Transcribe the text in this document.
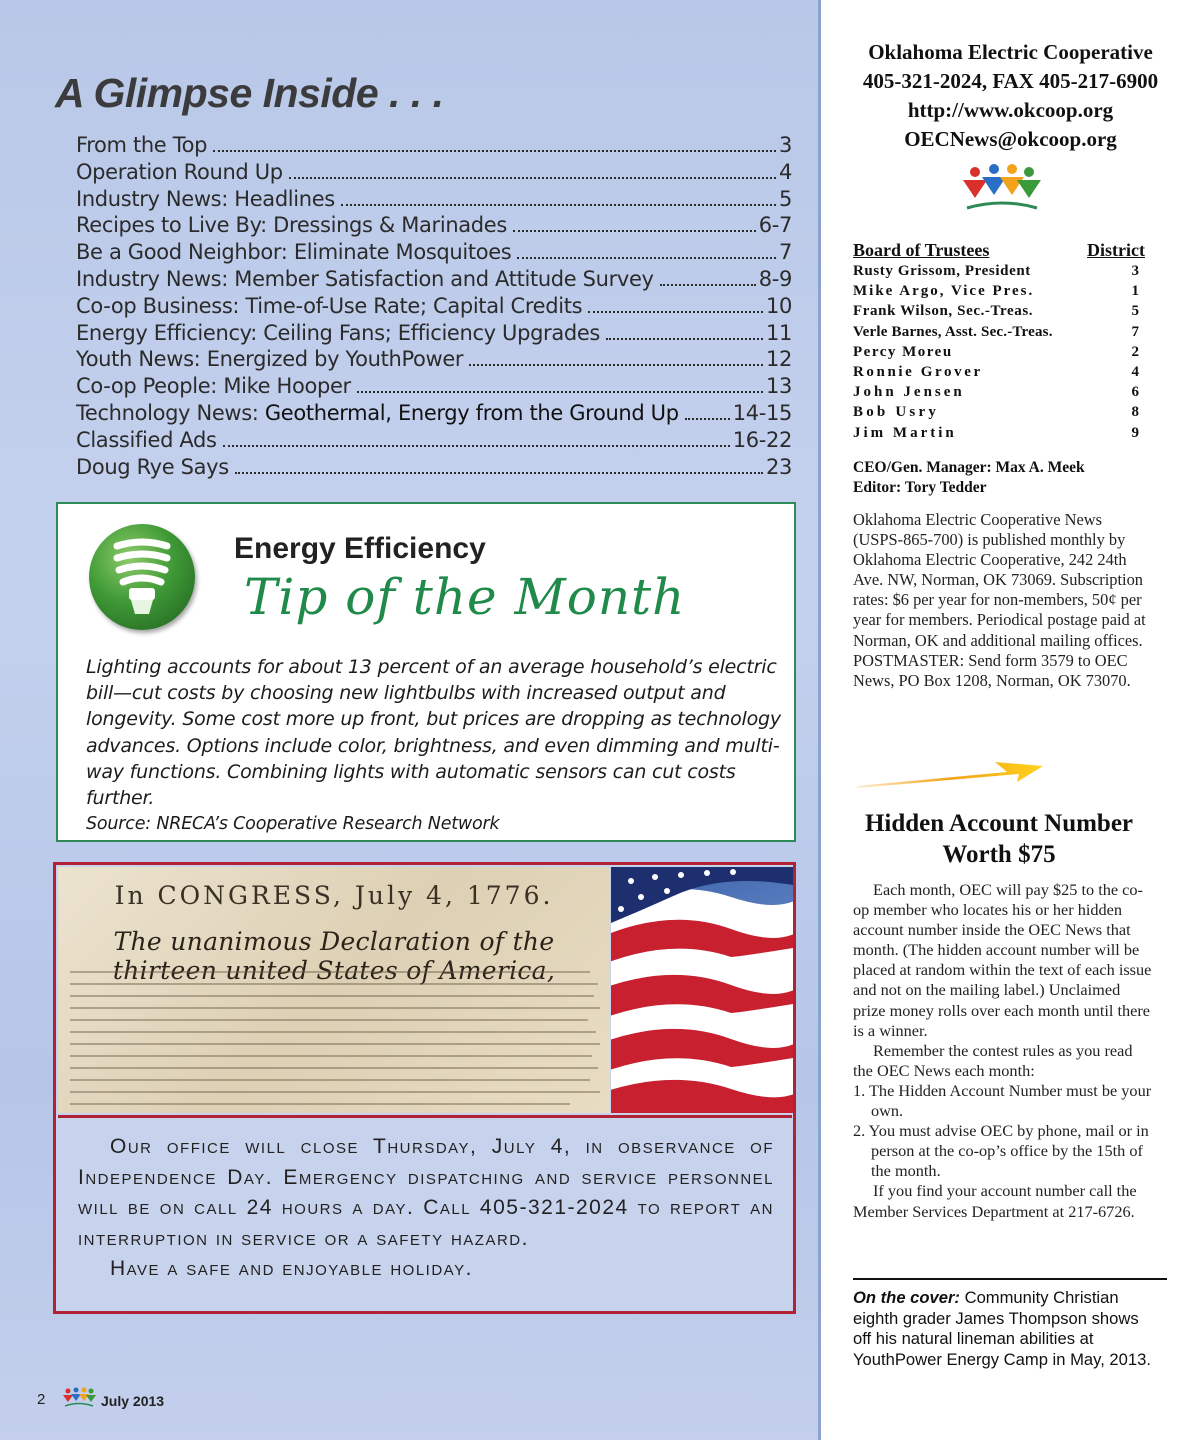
A Glimpse Inside . . .
From the Top	3
Operation Round Up	4
Industry News: Headlines	5
Recipes to Live By: Dressings & Marinades	6-7
Be a Good Neighbor: Eliminate Mosquitoes	7
Industry News: Member Satisfaction and Attitude Survey	8-9
Co-op Business: Time-of-Use Rate; Capital Credits	10
Energy Efficiency: Ceiling Fans; Efficiency Upgrades	11
Youth News: Energized by YouthPower	12
Co-op People: Mike Hooper	13
Technology News: Geothermal, Energy from the Ground Up	14-15
Classified Ads	16-22
Doug Rye Says	23
Energy Efficiency
Tip of the Month

Lighting accounts for about 13 percent of an average household’s electric bill—cut costs by choosing new lightbulbs with increased output and longevity. Some cost more up front, but prices are dropping as technology advances. Options include color, brightness, and even dimming and multi-way functions. Combining lights with automatic sensors can cut costs further.

Source: NRECA’s Cooperative Research Network

In CONGRESS, July 4, 1776.
The unanimous Declaration of the thirteen united States of America,

Our office will close Thursday, July 4, in observance of Independence Day. Emergency dispatching and service personnel will be on call 24 hours a day. Call 405-321-2024 to report an interruption in service or a safety hazard.

Have a safe and enjoyable holiday.

2	July 2013
Oklahoma Electric Cooperative
405-321-2024, FAX 405-217-6900
http://www.okcoop.org
OECNews@okcoop.org
Board of Trustees	District
Rusty Grissom, President	3
Mike Argo, Vice Pres.	1
Frank Wilson, Sec.-Treas.	5
Verle Barnes, Asst. Sec.-Treas.	7
Percy Moreu	2
Ronnie Grover	4
John Jensen	6
Bob Usry	8
Jim Martin	9
CEO/Gen. Manager: Max A. Meek
Editor: Tory Tedder

Oklahoma Electric Cooperative News (USPS-865-700) is published monthly by Oklahoma Electric Cooperative, 242 24th Ave. NW, Norman, OK 73069. Subscription rates: $6 per year for non-members, 50¢ per year for members. Periodical postage paid at Norman, OK and additional mailing offices. POSTMASTER: Send form 3579 to OEC News, PO Box 1208, Norman, OK 73070.

Hidden Account Number
Worth $75

Each month, OEC will pay $25 to the co-op member who locates his or her hidden account number inside the OEC News that month. (The hidden account number will be placed at random within the text of each issue and not on the mailing label.) Unclaimed prize money rolls over each month until there is a winner.

Remember the contest rules as you read the OEC News each month:

1. The Hidden Account Number must be your own.

2. You must advise OEC by phone, mail or in person at the co-op’s office by the 15th of the month.

If you find your account number call the Member Services Department at 217-6726.

On the cover: Community Christian eighth grader James Thompson shows off his natural lineman abilities at YouthPower Energy Camp in May, 2013.
